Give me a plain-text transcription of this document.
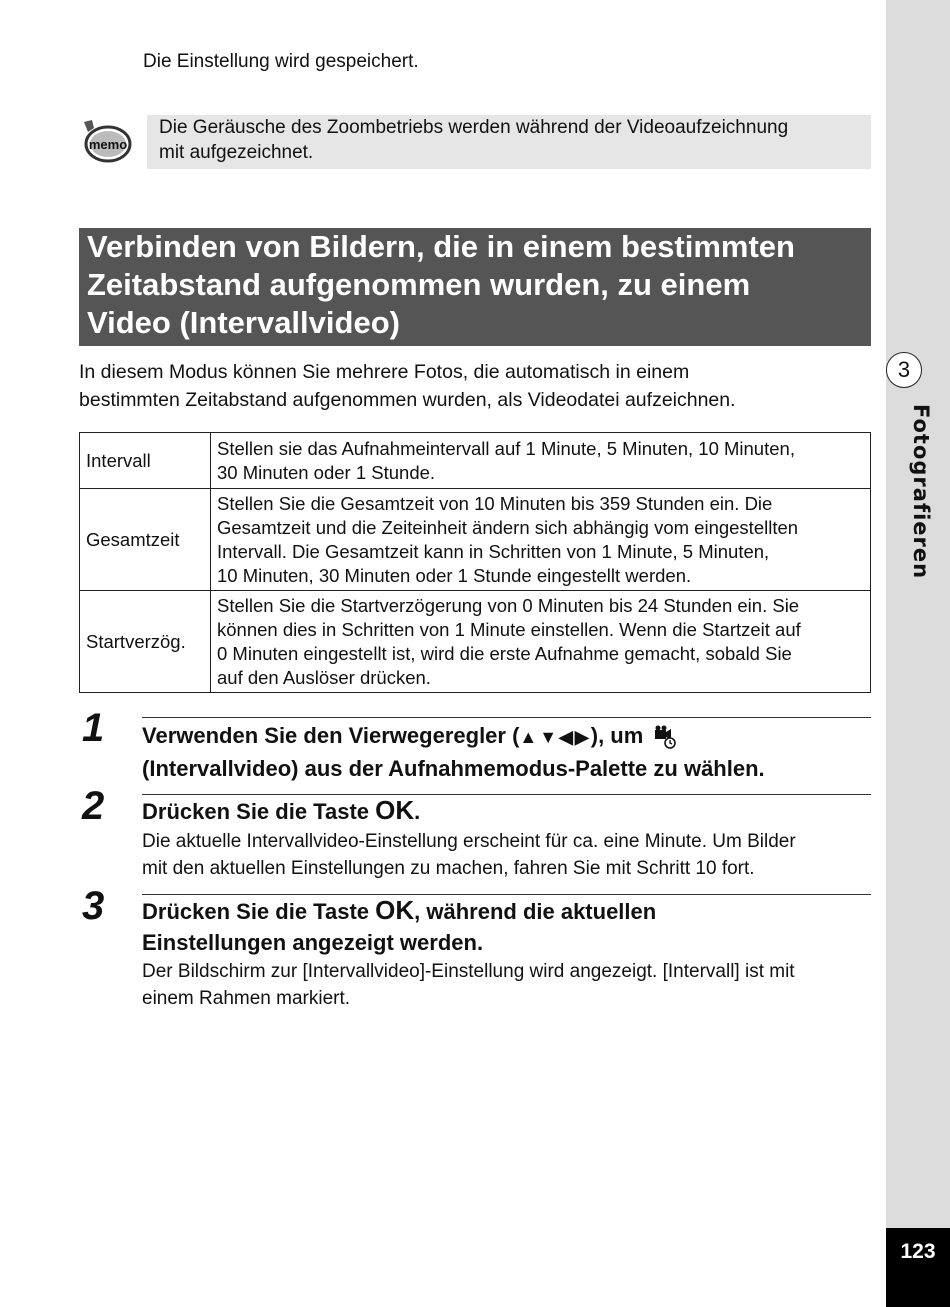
3
Fotografieren
123
Die Einstellung wird gespeichert.
memo
Die Geräusche des Zoombetriebs werden während der Videoaufzeichnung
mit aufgezeichnet.
Verbinden von Bildern, die in einem bestimmten
Zeitabstand aufgenommen wurden, zu einem
Video (Intervallvideo)
In diesem Modus können Sie mehrere Fotos, die automatisch in einem
bestimmten Zeitabstand aufgenommen wurden, als Videodatei aufzeichnen.
Intervall	Stellen sie das Aufnahmeintervall auf 1 Minute, 5 Minuten, 10 Minuten,
30 Minuten oder 1 Stunde.

Gesamtzeit	Stellen Sie die Gesamtzeit von 10 Minuten bis 359 Stunden ein. Die
Gesamtzeit und die Zeiteinheit ändern sich abhängig vom eingestellten
Intervall. Die Gesamtzeit kann in Schritten von 1 Minute, 5 Minuten,
10 Minuten, 30 Minuten oder 1 Stunde eingestellt werden.

Startverzög.	Stellen Sie die Startverzögerung von 0 Minuten bis 24 Stunden ein. Sie
können dies in Schritten von 1 Minute einstellen. Wenn die Startzeit auf
0 Minuten eingestellt ist, wird die erste Aufnahme gemacht, sobald Sie
auf den Auslöser drücken.
1 Verwenden Sie den Vierwegeregler (▲▼◀▶), um
(Intervallvideo) aus der Aufnahmemodus-Palette zu wählen.
2 Drücken Sie die Taste OK.
Die aktuelle Intervallvideo-Einstellung erscheint für ca. eine Minute. Um Bilder
mit den aktuellen Einstellungen zu machen, fahren Sie mit Schritt 10 fort.
3 Drücken Sie die Taste OK, während die aktuellen
Einstellungen angezeigt werden.
Der Bildschirm zur [Intervallvideo]-Einstellung wird angezeigt. [Intervall] ist mit
einem Rahmen markiert.
